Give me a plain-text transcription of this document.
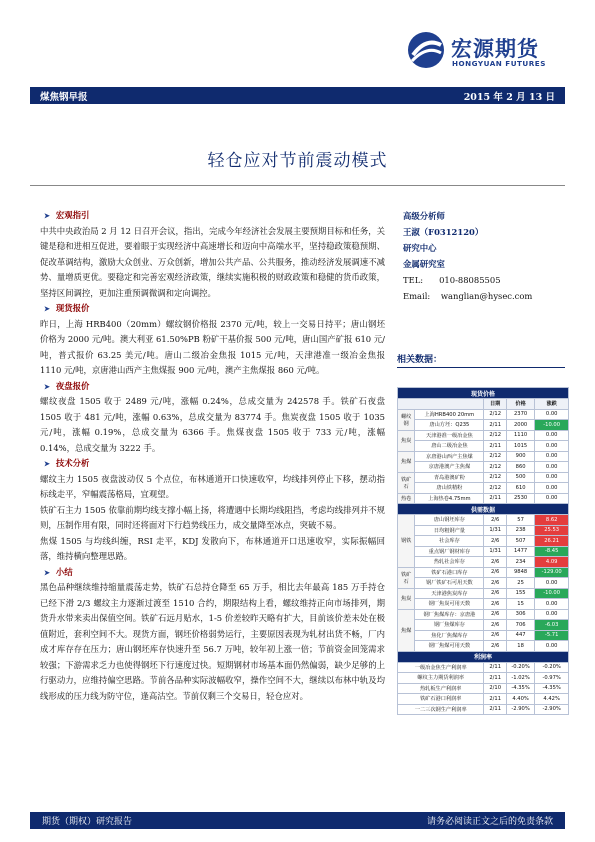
宏源期货
HONGYUAN FUTURES
煤焦钢早报	2015 年 2 月 13 日
轻仓应对节前震动模式
➤ 宏观指引
中共中央政治局 2 月 12 日召开会议，指出，完成今年经济社会发展主要预期目标和任务，关键是稳和进相互促进，要着眼于实现经济中高速增长和迈向中高端水平，坚持稳政策稳预期、促改革调结构，激励大众创业、万众创新，增加公共产品、公共服务，推动经济发展调速不减势、量增质更优。要稳定和完善宏观经济政策，继续实施积极的财政政策和稳健的货币政策，坚持区间调控，更加注重预调微调和定向调控。
➤ 现货报价
昨日，上海 HRB400（20mm）螺纹钢价格报 2370 元/吨，较上一交易日持平；唐山钢坯价格为 2000 元/吨。澳大利亚 61.50%PB 粉矿干基价报 500 元/吨，唐山国产矿报 610 元/吨，普式报价 63.25 美元/吨。唐山二级冶金焦报 1015 元/吨，天津港准一级冶金焦报 1110 元/吨，京唐港山西产主焦煤报 900 元/吨，澳产主焦煤报 860 元/吨。
➤ 夜盘报价
螺纹夜盘 1505 收于 2489 元/吨，涨幅 0.24%，总成交量为 242578 手。铁矿石夜盘 1505 收于 481 元/吨，涨幅 0.63%，总成交量为 83774 手。焦炭夜盘 1505 收于 1035 元/吨，涨幅 0.19%，总成交量为 6366 手。焦煤夜盘 1505 收于 733 元/吨，涨幅 0.14%，总成交量为 3222 手。
➤ 技术分析
螺纹主力 1505 夜盘波动仅 5 个点位，布林通道开口快速收窄，均线排列停止下移，摆动指标线走平，窄幅震荡格局，宜观望。
铁矿石主力 1505 依靠前期均线支撑小幅上扬，将遭遇中长期均线阻挡，考虑均线排列并不规则，压制作用有限，同时还将面对下行趋势线压力，成交量降至冰点，突破不易。
焦煤 1505 与均线纠缠，RSI 走平，KDJ 发散向下，布林通道开口迅速收窄，实际振幅回落，维持横向整理思路。
➤ 小结
黑色品种继续维持缩量震荡走势，铁矿石总持仓降至 65 万手，相比去年最高 185 万手持仓已经下滑 2/3 螺纹主力逐渐过渡至 1510 合约，期限结构上看，螺纹维持正向市场排列，期货升水带来卖出保值空间。铁矿石远月贴水，1-5 价差较昨天略有扩大，目前该价差未处在极值附近，套利空间不大。现货方面，钢坯价格弱势运行，主要原因表现为轧材出货不畅，厂内成才库存存在压力；唐山钢坯库存快速升至 56.7 万吨，较年初上涨一倍；节前资金回笼需求较强；下游需求乏力也使得钢坯下行速度过快。短期钢材市场基本面仍然偏弱，缺少足够的上行驱动力，应维持偏空思路。节前各品种实际波幅收窄，操作空间不大，继续以布林中轨及均线形成的压力线为防守位，逢高沽空。节前仅剩三个交易日，轻仓应对。
高级分析师
王淑（F0312120）
研究中心
金属研究室
TEL: 010-88085505
Email: wanglian@hysec.com
相关数据：
现货价格				
		日期	价格	涨跌
螺纹钢	上海HRB400 20mm	2/12	2370	0.00
	唐山方坯：Q235	2/11	2000	-10.00
焦炭	天津港准一级冶金焦	2/12	1110	0.00
	唐山二级冶金焦	2/11	1015	0.00
焦煤	京唐港山西产主焦煤	2/12	900	0.00
	京唐港澳产主焦煤	2/12	860	0.00
铁矿石	青岛港澳矿粉	2/12	500	0.00
	唐山铁精粉	2/12	610	0.00
热卷	上海热卷4.75mm	2/11	2530	0.00
供需数据				
钢铁	唐山钢坯库存	2/6	57	8.62
	日均粗钢产量	1/31	238	25.53
	社会库存	2/6	507	26.21
	重点钢厂钢材库存	1/31	1477	-8.45
	热轧社会库存	2/6	234	4.09
铁矿石	铁矿石港口库存	2/6	9848	-129.00
	钢厂铁矿石可用天数	2/6	25	0.00
焦炭	天津港焦炭库存	2/6	155	-10.00
	钢厂焦炭可用天数	2/6	15	0.00
焦煤	钢厂焦煤库存：京唐港	2/6	306	0.00
	钢厂焦煤库存	2/6	706	-6.03
	焦化厂焦煤库存	2/6	447	-5.71
	钢厂焦煤可用天数	2/6	18	0.00
利润率				
一级冶金焦生产利润率		2/11	-0.20%	-0.20%
螺纹主力期货利润率		2/11	-1.02%	-0.97%
热轧板生产利润率		2/10	-4.35%	-4.35%
铁矿石港口利润率		2/11	4.40%	4.42%
一二三次钢生产利润率		2/11	-2.90%	-2.90%
期货（期权）研究报告	请务必阅读正文之后的免责条款
